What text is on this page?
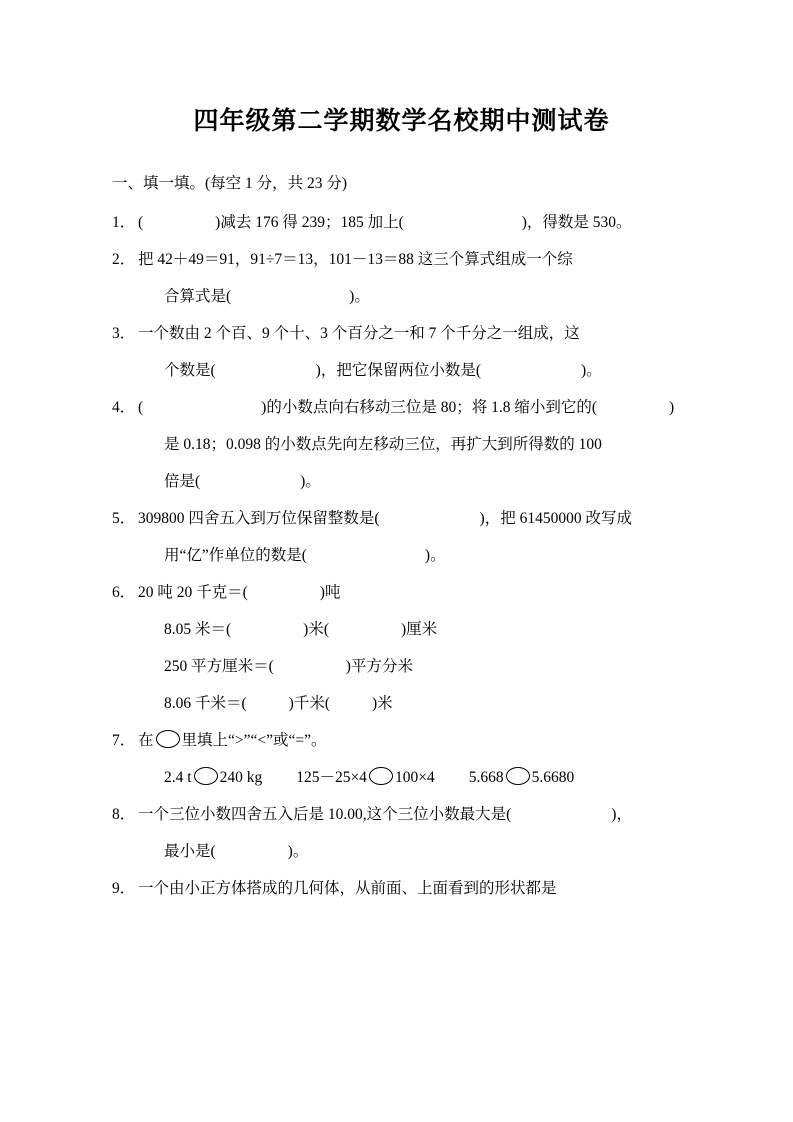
四年级第二学期数学名校期中测试卷
一、填一填。(每空 1 分，共 23 分)
1． (	)减去 176 得 239；185 加上(	)，得数是 530。
2． 把 42＋49＝91，91÷7＝13，101－13＝88 这三个算式组成一个综
合算式是(	)。
3． 一个数由 2 个百、9 个十、3 个百分之一和 7 个千分之一组成，这
个数是(	)，把它保留两位小数是(	)。
4． (	)的小数点向右移动三位是 80；将 1.8 缩小到它的(	)
是 0.18；0.098 的小数点先向左移动三位，再扩大到所得数的 100
倍是(	)。
5． 309800 四舍五入到万位保留整数是(	)，把 61450000 改写成
用“亿”作单位的数是(	)。
6． 20 吨 20 千克＝(	)吨
8.05 米＝(	)米(	)厘米
250 平方厘米＝(	)平方分米
8.06 千米＝(	)千米(	)米
7． 在 里填上“>”“<”或“=”。
2.4 t 240 kg 125－25×4 100×4 5.668 5.6680
8． 一个三位小数四舍五入后是 10.00,这个三位小数最大是(	)，
最小是(	)。
9． 一个由小正方体搭成的几何体，从前面、上面看到的形状都是
